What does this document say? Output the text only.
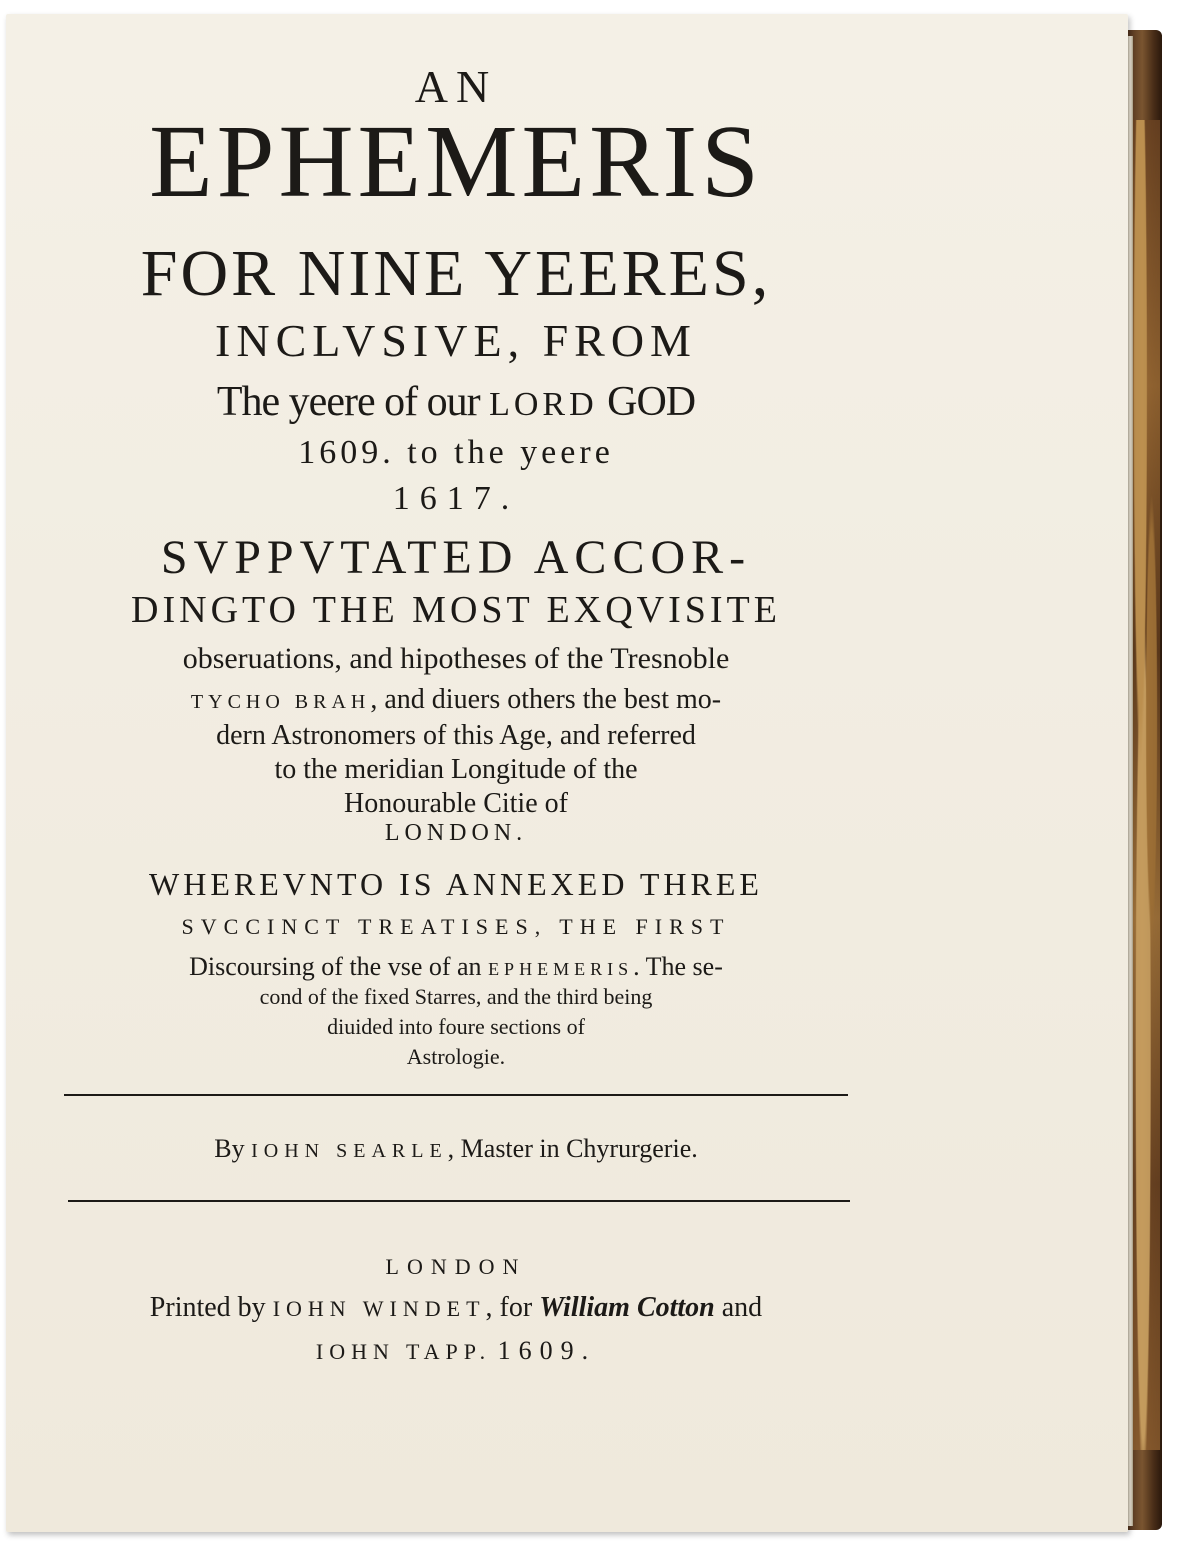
AN
EPHEMERIS
FOR NINE YEERES,
INCLVSIVE, FROM
The yeere of our LORD GOD
1609. to the yeere
1617.
SVPPVTATED ACCOR-
DINGTO THE MOST EXQVISITE
obseruations, and hipotheses of the Tresnoble
TYCHO BRAH, and diuers others the best mo-
dern Astronomers of this Age, and referred
to the meridian Longitude of the
Honourable Citie of
LONDON.
WHEREVNTO IS ANNEXED THREE
SVCCINCT TREATISES, THE FIRST
Discoursing of the vse of an EPHEMERIS. The se-
cond of the fixed Starres, and the third being
diuided into foure sections of
Astrologie.
By IOHN SEARLE, Master in Chyrurgerie.
LONDON
Printed by IOHN WINDET, for William Cotton and
IOHN TAPP. 1609.
